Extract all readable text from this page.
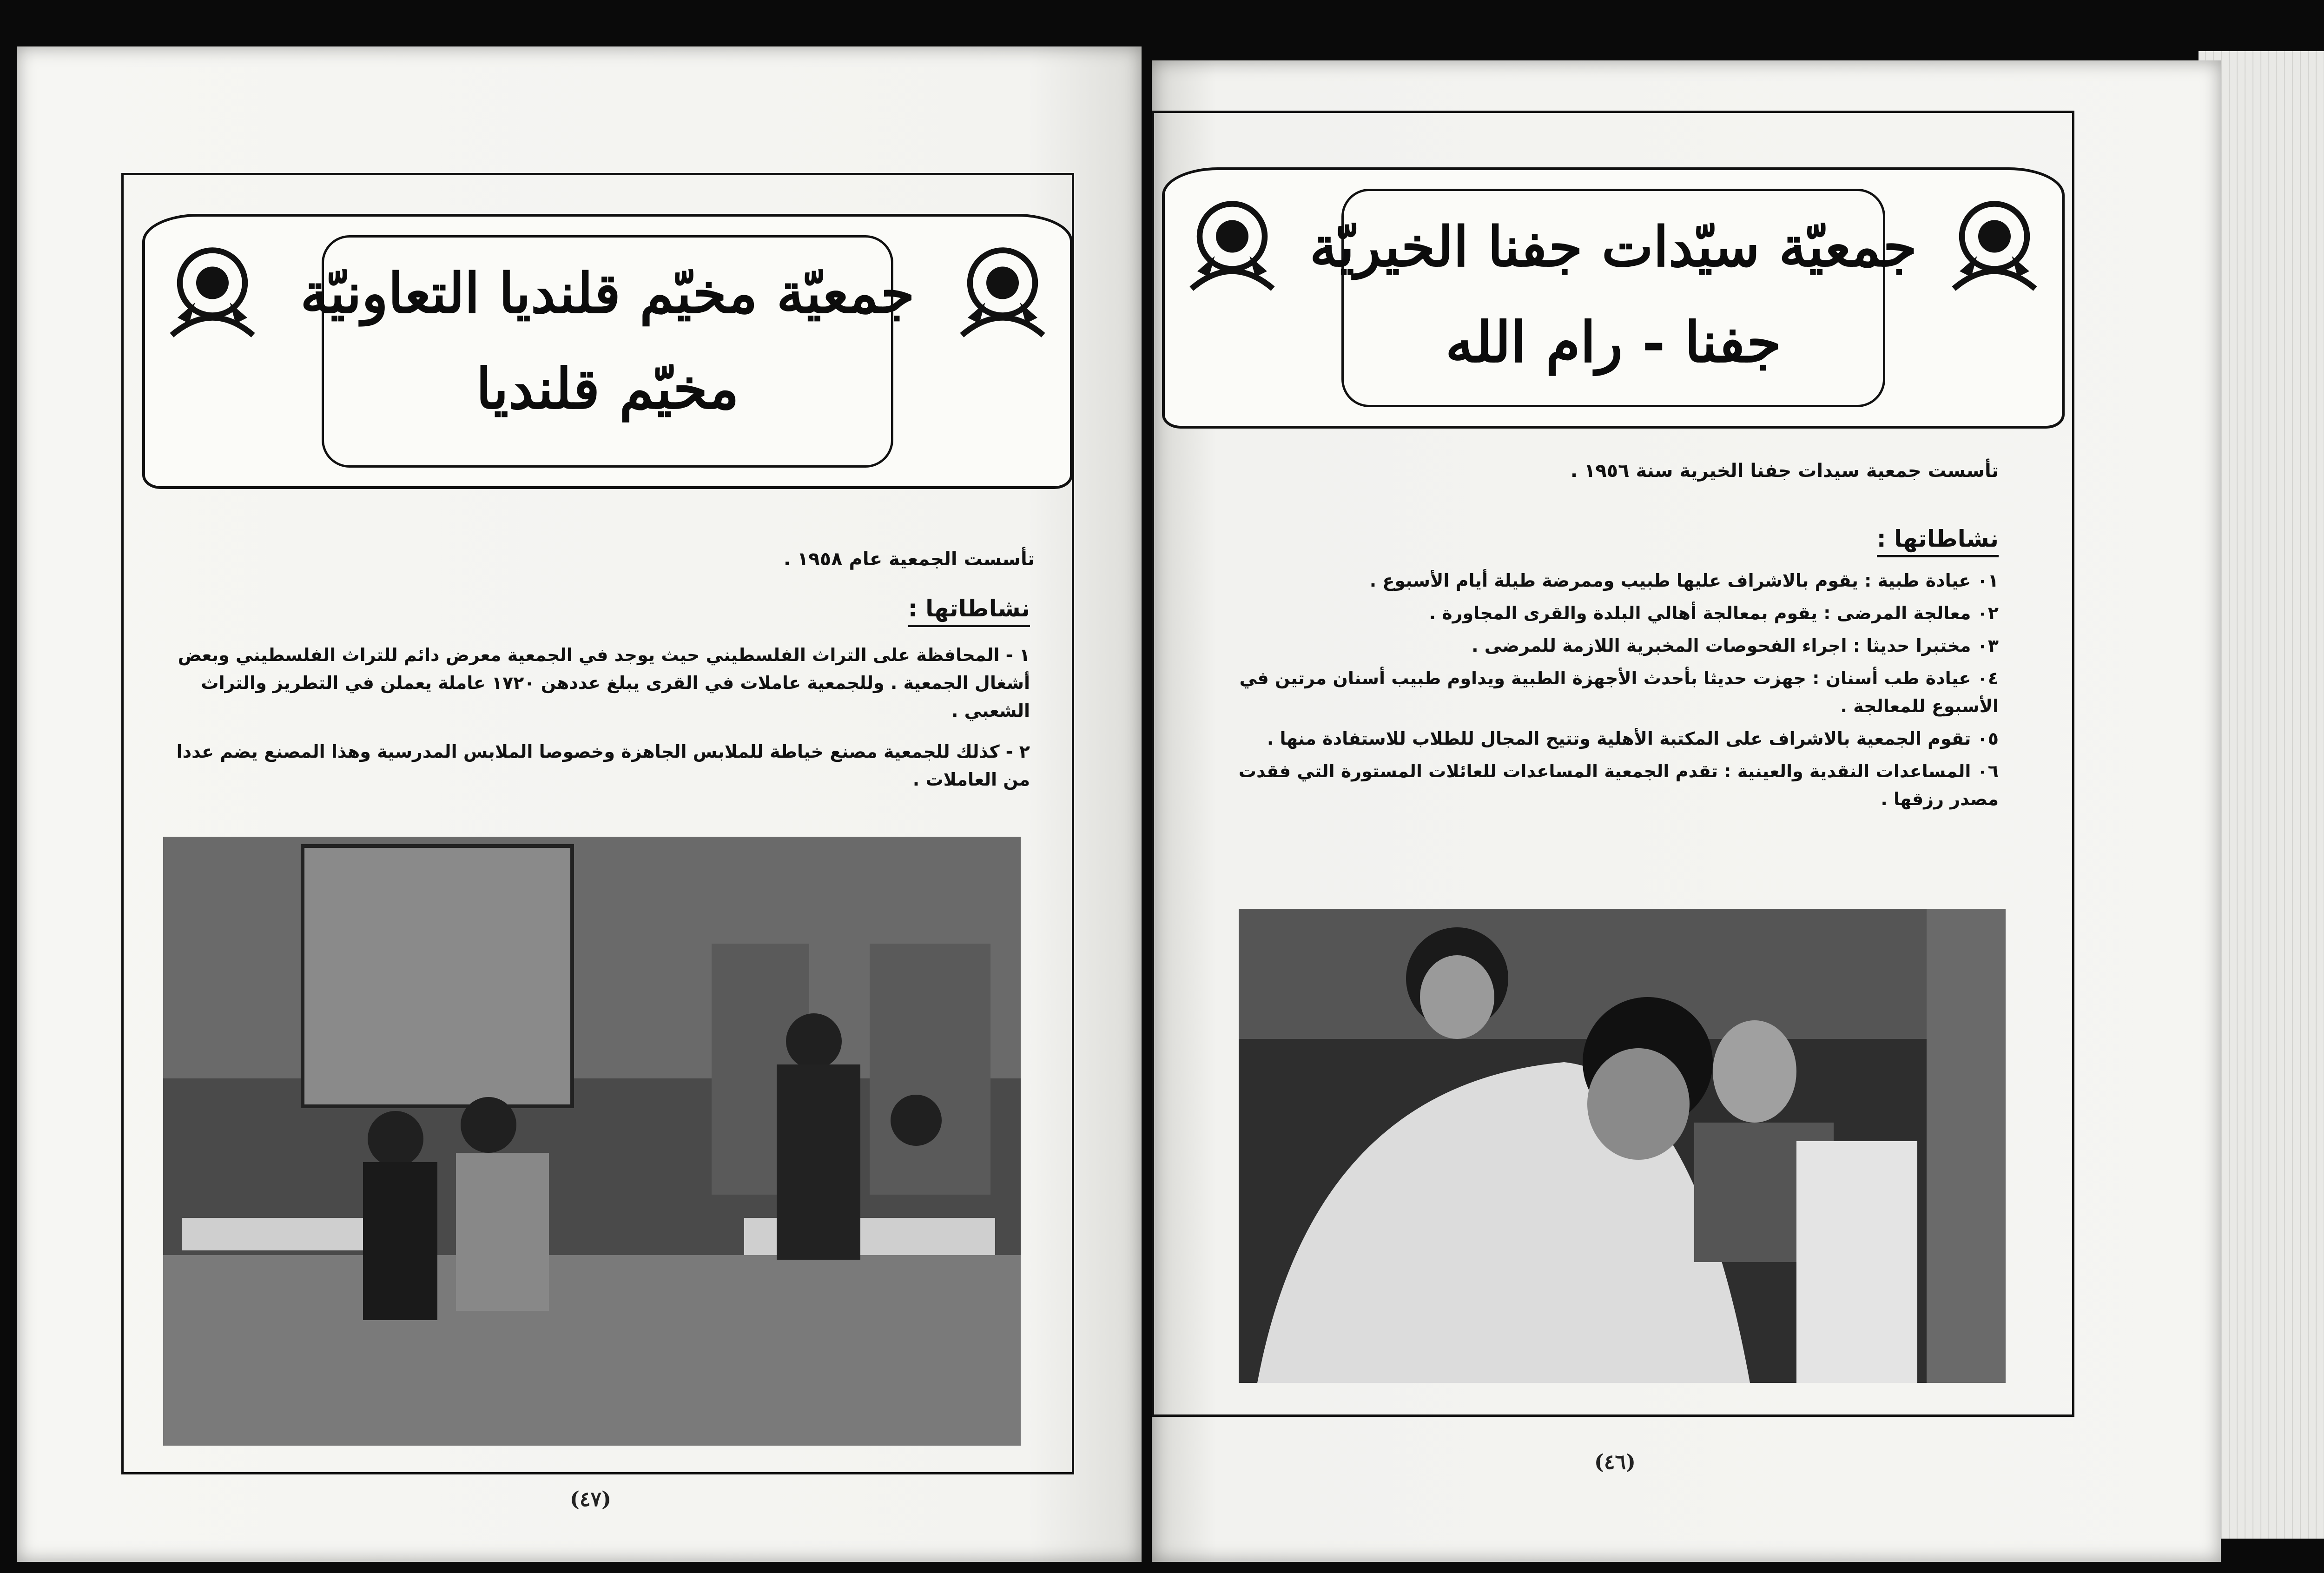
جمعيّة مخيّم قلنديا التعاونيّة
مخيّم قلنديا
تأسست الجمعية عام ١٩٥٨ .
نشاطاتها :

١ - المحافظة على التراث الفلسطيني حيث يوجد في الجمعية معرض دائم للتراث الفلسطيني وبعض أشغال الجمعية . وللجمعية عاملات في القرى يبلغ عددهن ١٧٢٠ عاملة يعملن في التطريز والتراث الشعبي .

٢ - كذلك للجمعية مصنع خياطة للملابس الجاهزة وخصوصا الملابس المدرسية وهذا المصنع يضم عددا من العاملات .

(٤٧)
جمعيّة سيّدات جفنا الخيريّة
جفنا - رام الله
تأسست جمعية سيدات جفنا الخيرية سنة ١٩٥٦ .
نشاطاتها :

٠١ عيادة طبية : يقوم بالاشراف عليها طبيب وممرضة طيلة أيام الأسبوع .

٠٢ معالجة المرضى : يقوم بمعالجة أهالي البلدة والقرى المجاورة .

٠٣ مختبرا حديثا : اجراء الفحوصات المخبرية اللازمة للمرضى .

٠٤ عيادة طب أسنان : جهزت حديثا بأحدث الأجهزة الطبية ويداوم طبيب أسنان مرتين في الأسبوع للمعالجة .

٠٥ تقوم الجمعية بالاشراف على المكتبة الأهلية وتتيح المجال للطلاب للاستفادة منها .

٠٦ المساعدات النقدية والعينية : تقدم الجمعية المساعدات للعائلات المستورة التي فقدت مصدر رزقها .

(٤٦)
